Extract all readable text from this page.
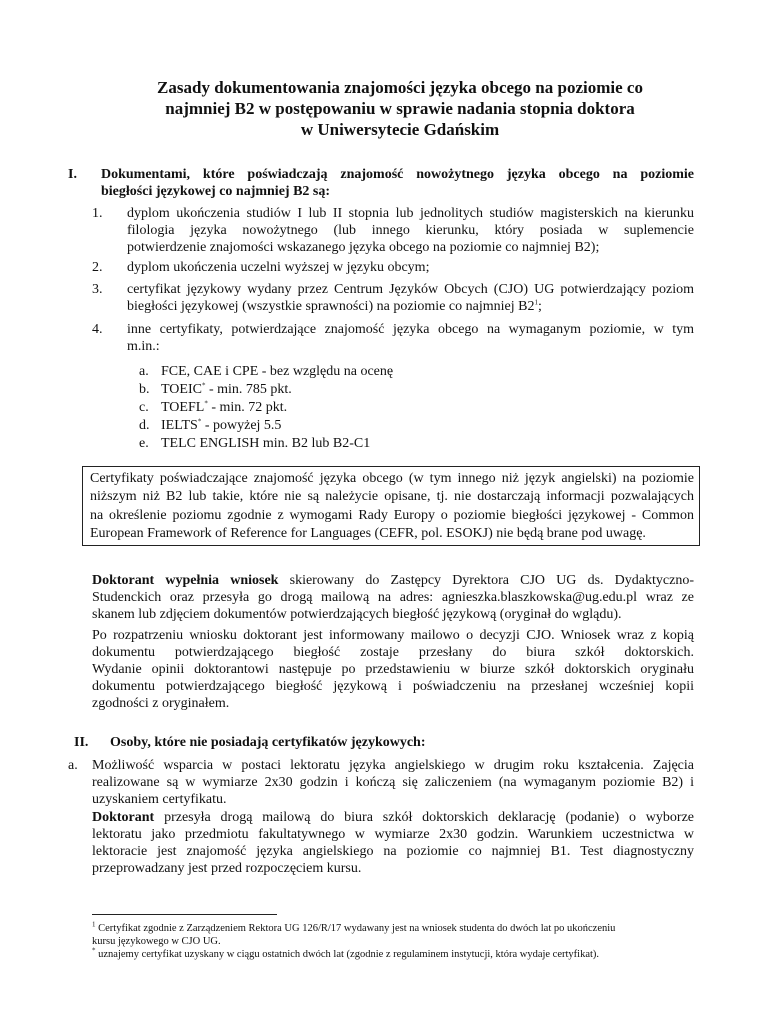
Zasady dokumentowania znajomości języka obcego na poziomie co
najmniej B2 w postępowaniu w sprawie nadania stopnia doktora
w Uniwersytecie Gdańskim
I. Dokumentami, które poświadczają znajomość nowożytnego języka obcego na poziomie
biegłości językowej co najmniej B2 są:
1. dyplom ukończenia studiów I lub II stopnia lub jednolitych studiów magisterskich na kierunku
filologia języka nowożytnego (lub innego kierunku, który posiada w suplemencie
potwierdzenie znajomości wskazanego języka obcego na poziomie co najmniej B2);
2. dyplom ukończenia uczelni wyższej w języku obcym;
3. certyfikat językowy wydany przez Centrum Języków Obcych (CJO) UG potwierdzający poziom
biegłości językowej (wszystkie sprawności) na poziomie co najmniej $B2^1$;
4. inne certyfikaty, potwierdzające znajomość języka obcego na wymaganym poziomie, w tym
m.in.:
a. FCE, CAE i CPE - bez względu na ocenę
b. TOEIC* - min. 785 pkt.
c. TOEFL* - min. 72 pkt.
d. IELTS* - powyżej 5.5
e. TELC ENGLISH min. B2 lub B2-C1
Certyfikaty poświadczające znajomość języka obcego (w tym innego niż język angielski) na poziomie
niższym niż B2 lub takie, które nie są należycie opisane, tj. nie dostarczają informacji pozwalających
na określenie poziomu zgodnie z wymogami Rady Europy o poziomie biegłości językowej - Common
European Framework of Reference for Languages (CEFR, pol. ESOKJ) nie będą brane pod uwagę.
Doktorant wypełnia wniosek skierowany do Zastępcy Dyrektora CJO UG ds. Dydaktyczno-
Studenckich oraz przesyła go drogą mailową na adres: agnieszka.blaszkowska@ug.edu.pl wraz ze
skanem lub zdjęciem dokumentów potwierdzających biegłość językową (oryginał do wglądu).
Po rozpatrzeniu wniosku doktorant jest informowany mailowo o decyzji CJO. Wniosek wraz z kopią
dokumentu potwierdzającego biegłość zostaje przesłany do biura szkół doktorskich.
Wydanie opinii doktorantowi następuje po przedstawieniu w biurze szkół doktorskich oryginału
dokumentu potwierdzającego biegłość językową i poświadczeniu na przesłanej wcześniej kopii
zgodności z oryginałem.
II. Osoby, które nie posiadają certyfikatów językowych:
a. Możliwość wsparcia w postaci lektoratu języka angielskiego w drugim roku kształcenia. Zajęcia
realizowane są w wymiarze 2x30 godzin i kończą się zaliczeniem (na wymaganym poziomie B2) i
uzyskaniem certyfikatu.
Doktorant przesyła drogą mailową do biura szkół doktorskich deklarację (podanie) o wyborze
lektoratu jako przedmiotu fakultatywnego w wymiarze 2x30 godzin. Warunkiem uczestnictwa w
lektoracie jest znajomość języka angielskiego na poziomie co najmniej B1. Test diagnostyczny
przeprowadzany jest przed rozpoczęciem kursu.
$^1$ Certyfikat zgodnie z Zarządzeniem Rektora UG 126/R/17 wydawany jest na wniosek studenta do dwóch lat po ukończeniu
kursu językowego w CJO UG.
* uznajemy certyfikat uzyskany w ciągu ostatnich dwóch lat (zgodnie z regulaminem instytucji, która wydaje certyfikat).
